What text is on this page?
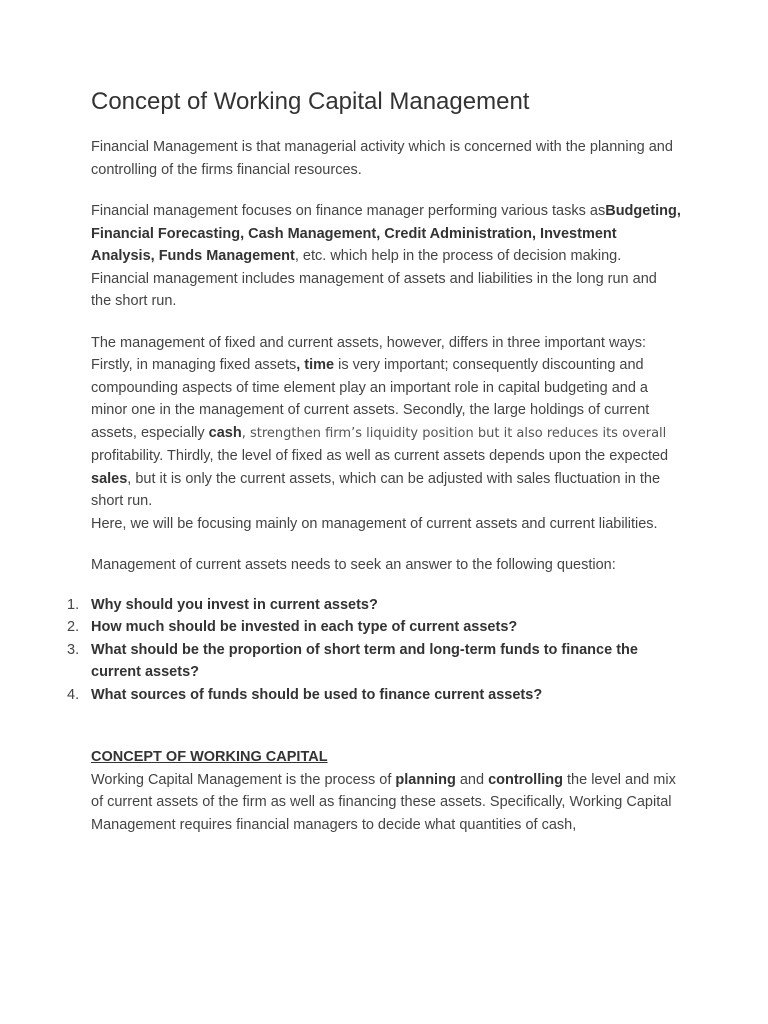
Concept of Working Capital Management

Financial Management is that managerial activity which is concerned with the planning and controlling of the firms financial resources.

Financial management focuses on finance manager performing various tasks asBudgeting, Financial Forecasting, Cash Management, Credit Administration, Investment Analysis, Funds Management, etc. which help in the process of decision making.

Financial management includes management of assets and liabilities in the long run and the short run.

The management of fixed and current assets, however, differs in three important ways: Firstly, in managing fixed assets, time is very important; consequently discounting and compounding aspects of time element play an important role in capital budgeting and a minor one in the management of current assets. Secondly, the large holdings of current assets, especially cash, strengthen firm’s liquidity position but it also reduces its overall profitability. Thirdly, the level of fixed as well as current assets depends upon the expected sales, but it is only the current assets, which can be adjusted with sales fluctuation in the short run.

Here, we will be focusing mainly on management of current assets and current liabilities.

Management of current assets needs to seek an answer to the following question:

1. Why should you invest in current assets?
2. How much should be invested in each type of current assets?
3. What should be the proportion of short term and long-term funds to finance the current assets?
4. What sources of funds should be used to finance current assets?

CONCEPT OF WORKING CAPITAL

Working Capital Management is the process of planning and controlling the level and mix of current assets of the firm as well as financing these assets. Specifically, Working Capital Management requires financial managers to decide what quantities of cash,
